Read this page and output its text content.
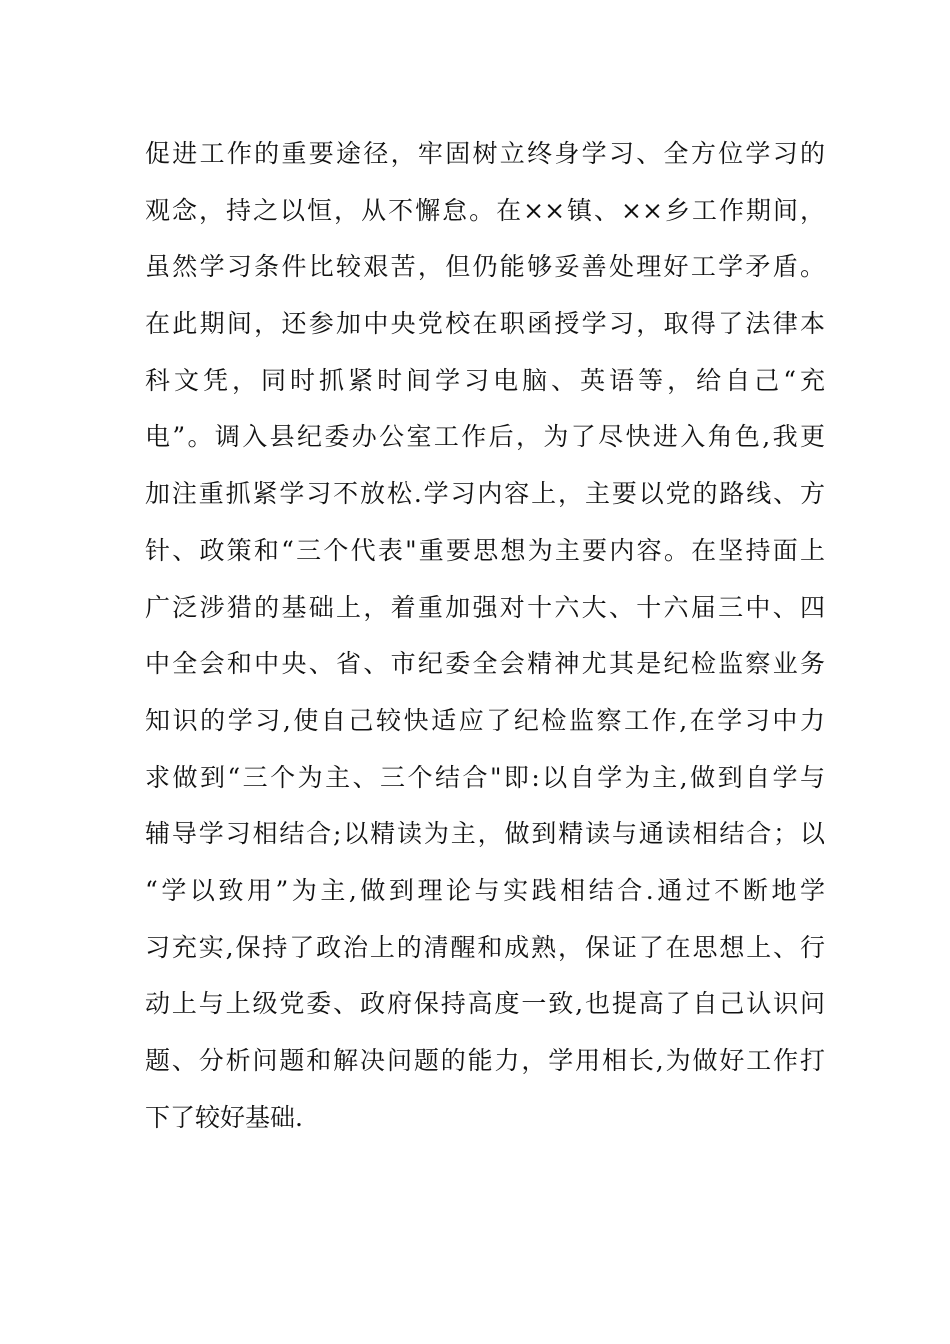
促进工作的重要途径，牢固树立终身学习、全方位学习的
观念，持之以恒，从不懈怠。在××镇、××乡工作期间，
虽然学习条件比较艰苦，但仍能够妥善处理好工学矛盾。
在此期间，还参加中央党校在职函授学习，取得了法律本
科文凭，同时抓紧时间学习电脑、英语等，给自己“充
电”。调入县纪委办公室工作后，为了尽快进入角色,我更
加注重抓紧学习不放松.学习内容上，主要以党的路线、方
针、政策和“三个代表"重要思想为主要内容。在坚持面上
广泛涉猎的基础上，着重加强对十六大、十六届三中、四
中全会和中央、省、市纪委全会精神尤其是纪检监察业务
知识的学习,使自己较快适应了纪检监察工作,在学习中力
求做到“三个为主、三个结合"即:以自学为主,做到自学与
辅导学习相结合;以精读为主，做到精读与通读相结合；以
“学以致用”为主,做到理论与实践相结合.通过不断地学
习充实,保持了政治上的清醒和成熟，保证了在思想上、行
动上与上级党委、政府保持高度一致,也提高了自己认识问
题、分析问题和解决问题的能力，学用相长,为做好工作打
下了较好基础.
